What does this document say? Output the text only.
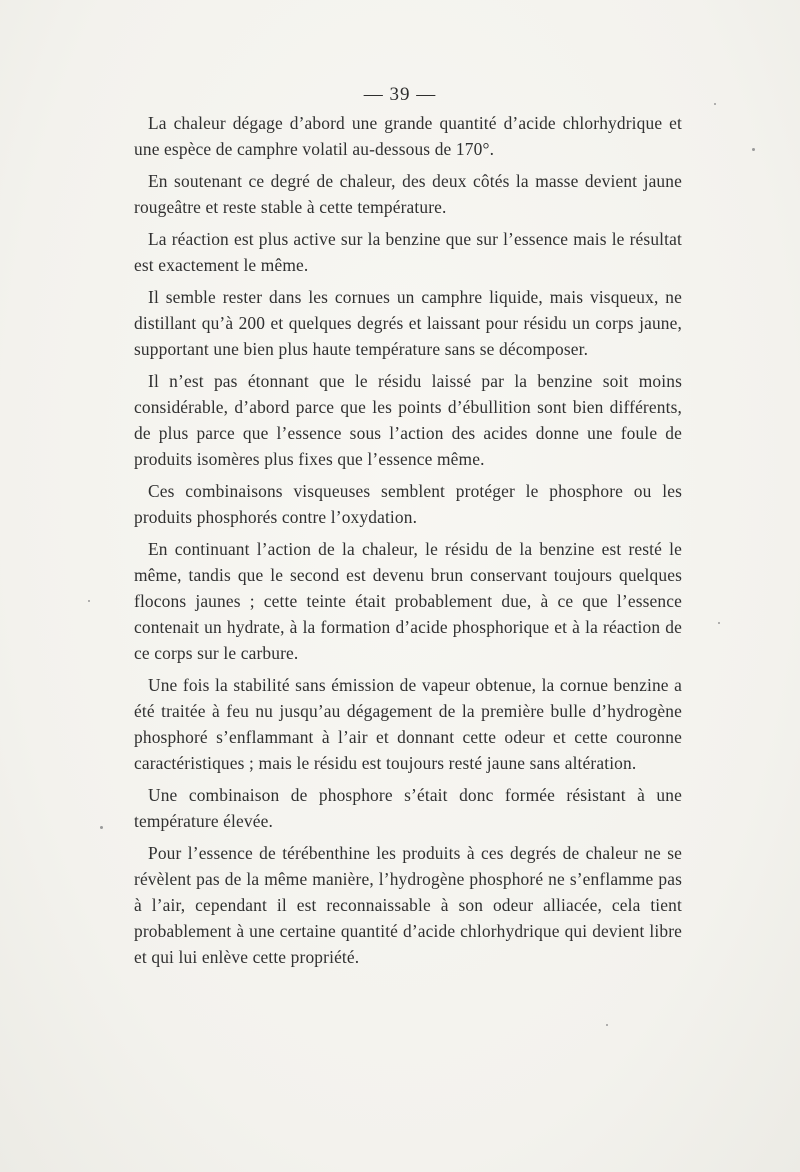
— 39 —

La chaleur dégage d’abord une grande quantité d’acide chlorhydrique et une espèce de camphre volatil au-dessous de 170°.

En soutenant ce degré de chaleur, des deux côtés la masse devient jaune rougeâtre et reste stable à cette température.

La réaction est plus active sur la benzine que sur l’essence mais le résultat est exactement le même.

Il semble rester dans les cornues un camphre liquide, mais visqueux, ne distillant qu’à 200 et quelques degrés et laissant pour résidu un corps jaune, supportant une bien plus haute température sans se décomposer.

Il n’est pas étonnant que le résidu laissé par la benzine soit moins considérable, d’abord parce que les points d’ébullition sont bien différents, de plus parce que l’essence sous l’action des acides donne une foule de produits isomères plus fixes que l’essence même.

Ces combinaisons visqueuses semblent protéger le phosphore ou les produits phosphorés contre l’oxydation.

En continuant l’action de la chaleur, le résidu de la benzine est resté le même, tandis que le second est devenu brun conservant toujours quelques flocons jaunes ; cette teinte était probablement due, à ce que l’essence contenait un hydrate, à la formation d’acide phosphorique et à la réaction de ce corps sur le carbure.

Une fois la stabilité sans émission de vapeur obtenue, la cornue benzine a été traitée à feu nu jusqu’au dégagement de la première bulle d’hydrogène phosphoré s’enflammant à l’air et donnant cette odeur et cette couronne caractéristiques ; mais le résidu est toujours resté jaune sans altération.

Une combinaison de phosphore s’était donc formée résistant à une température élevée.

Pour l’essence de térébenthine les produits à ces degrés de chaleur ne se révèlent pas de la même manière, l’hydrogène phosphoré ne s’enflamme pas à l’air, cependant il est reconnaissable à son odeur alliacée, cela tient probablement à une certaine quantité d’acide chlorhydrique qui devient libre et qui lui enlève cette propriété.
